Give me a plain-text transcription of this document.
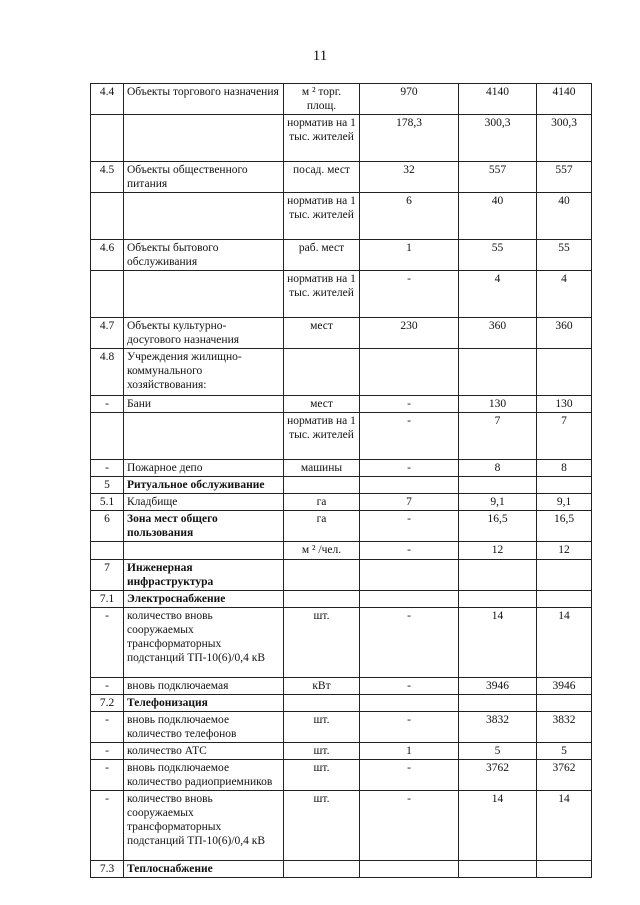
11
4.4	Объекты торгового назначения	м ² торг. площ.	970	4140	4140
		норматив на 1 тыс. жителей	178,3	300,3	300,3
4.5	Объекты общественного питания	посад. мест	32	557	557
		норматив на 1 тыс. жителей	6	40	40
4.6	Объекты бытового обслуживания	раб. мест	1	55	55
		норматив на 1 тыс. жителей	-	4	4
4.7	Объекты культурно-досугового назначения	мест	230	360	360
4.8	Учреждения жилищно-коммунального хозяйствования:				
-	Бани	мест	-	130	130
		норматив на 1 тыс. жителей	-	7	7
-	Пожарное депо	машины	-	8	8
5	Ритуальное обслуживание				
5.1	Кладбище	га	7	9,1	9,1
6	Зона мест общего пользования	га	-	16,5	16,5
		м ² /чел.	-	12	12
7	Инженерная инфраструктура				
7.1	Электроснабжение				
-	количество вновь сооружаемых трансформаторных подстанций ТП-10(6)/0,4 кВ	шт.	-	14	14
-	вновь подключаемая	кВт	-	3946	3946
7.2	Телефонизация				
-	вновь подключаемое количество телефонов	шт.	-	3832	3832
-	количество АТС	шт.	1	5	5
-	вновь подключаемое количество радиоприемников	шт.	-	3762	3762
-	количество вновь сооружаемых трансформаторных подстанций ТП-10(6)/0,4 кВ	шт.	-	14	14
7.3	Теплоснабжение				
